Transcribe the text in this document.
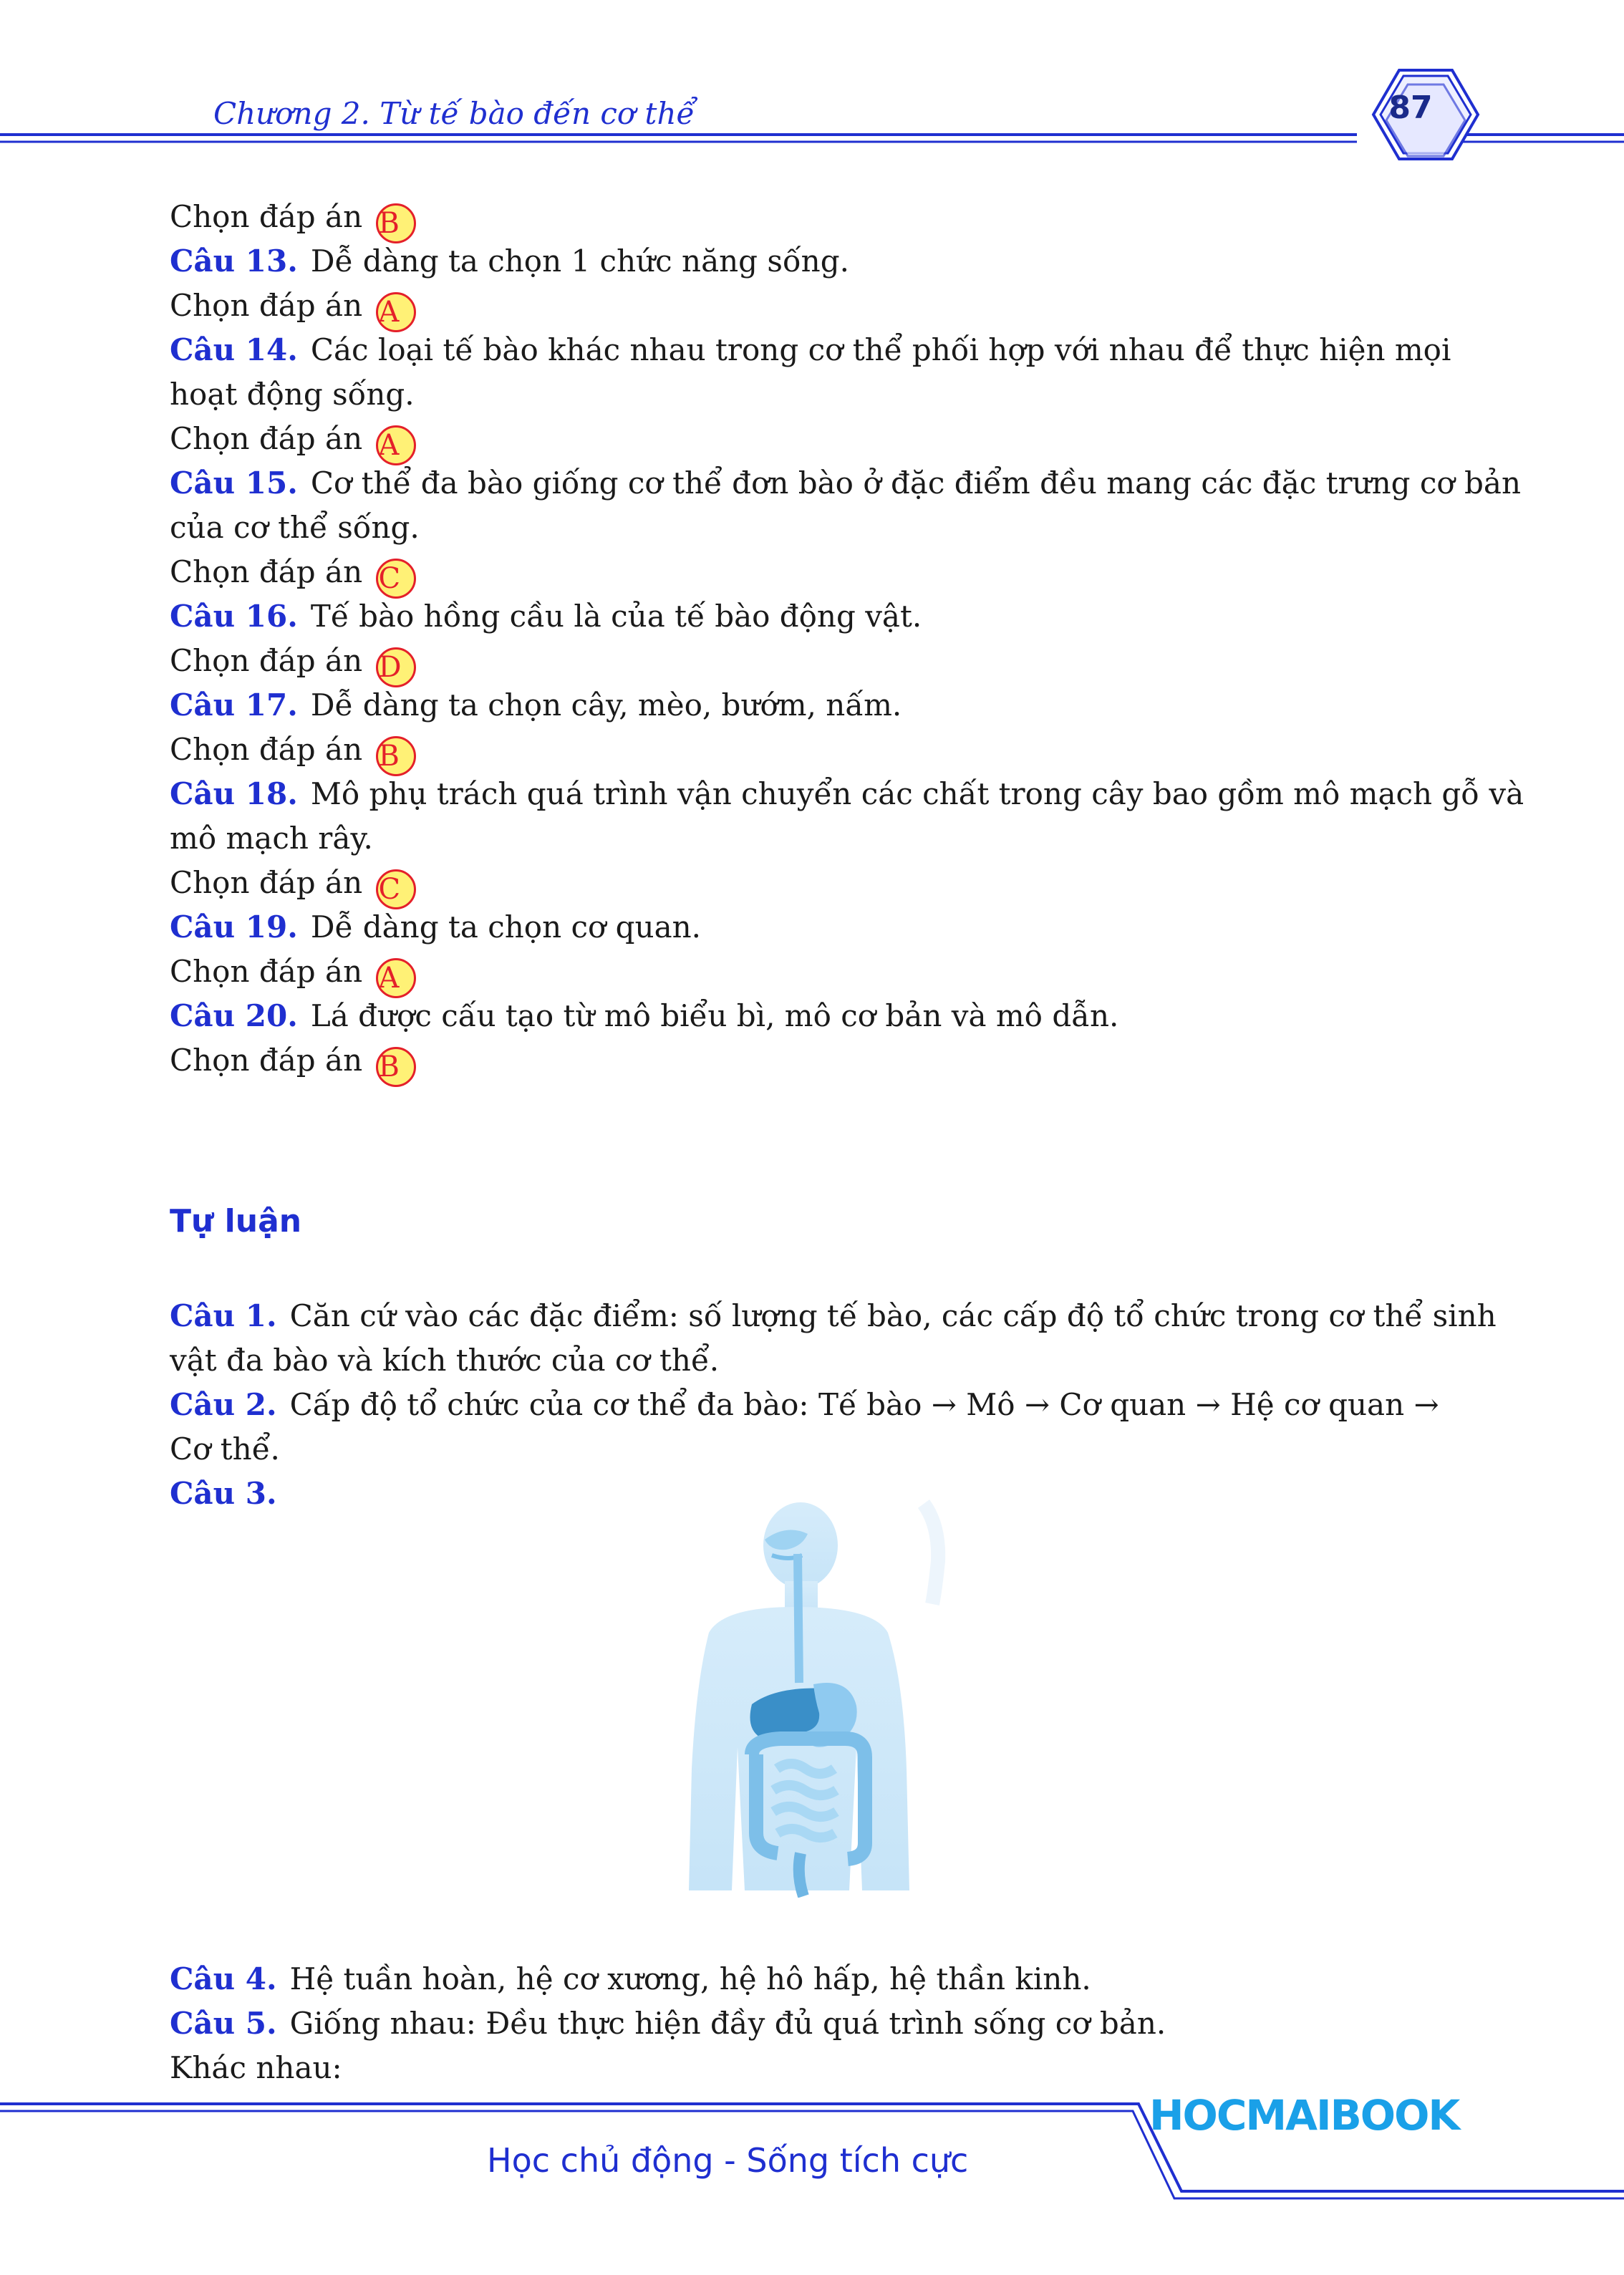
Chương 2. Từ tế bào đến cơ thể	87
Chọn đáp án B
Câu 13. Dễ dàng ta chọn 1 chức năng sống.
Chọn đáp án A
Câu 14. Các loại tế bào khác nhau trong cơ thể phối hợp với nhau để thực hiện mọi
hoạt động sống.
Chọn đáp án A
Câu 15. Cơ thể đa bào giống cơ thể đơn bào ở đặc điểm đều mang các đặc trưng cơ bản
của cơ thể sống.
Chọn đáp án C
Câu 16. Tế bào hồng cầu là của tế bào động vật.
Chọn đáp án D
Câu 17. Dễ dàng ta chọn cây, mèo, bướm, nấm.
Chọn đáp án B
Câu 18. Mô phụ trách quá trình vận chuyển các chất trong cây bao gồm mô mạch gỗ và
mô mạch rây.
Chọn đáp án C
Câu 19. Dễ dàng ta chọn cơ quan.
Chọn đáp án A
Câu 20. Lá được cấu tạo từ mô biểu bì, mô cơ bản và mô dẫn.
Chọn đáp án B
Tự luận
Câu 1. Căn cứ vào các đặc điểm: số lượng tế bào, các cấp độ tổ chức trong cơ thể sinh
vật đa bào và kích thước của cơ thể.
Câu 2. Cấp độ tổ chức của cơ thể đa bào: Tế bào → Mô → Cơ quan → Hệ cơ quan →
Cơ thể.
Câu 3.
Câu 4. Hệ tuần hoàn, hệ cơ xương, hệ hô hấp, hệ thần kinh.
Câu 5. Giống nhau: Đều thực hiện đầy đủ quá trình sống cơ bản.
Khác nhau:
HOCMAIBOOK
Học chủ động - Sống tích cực
